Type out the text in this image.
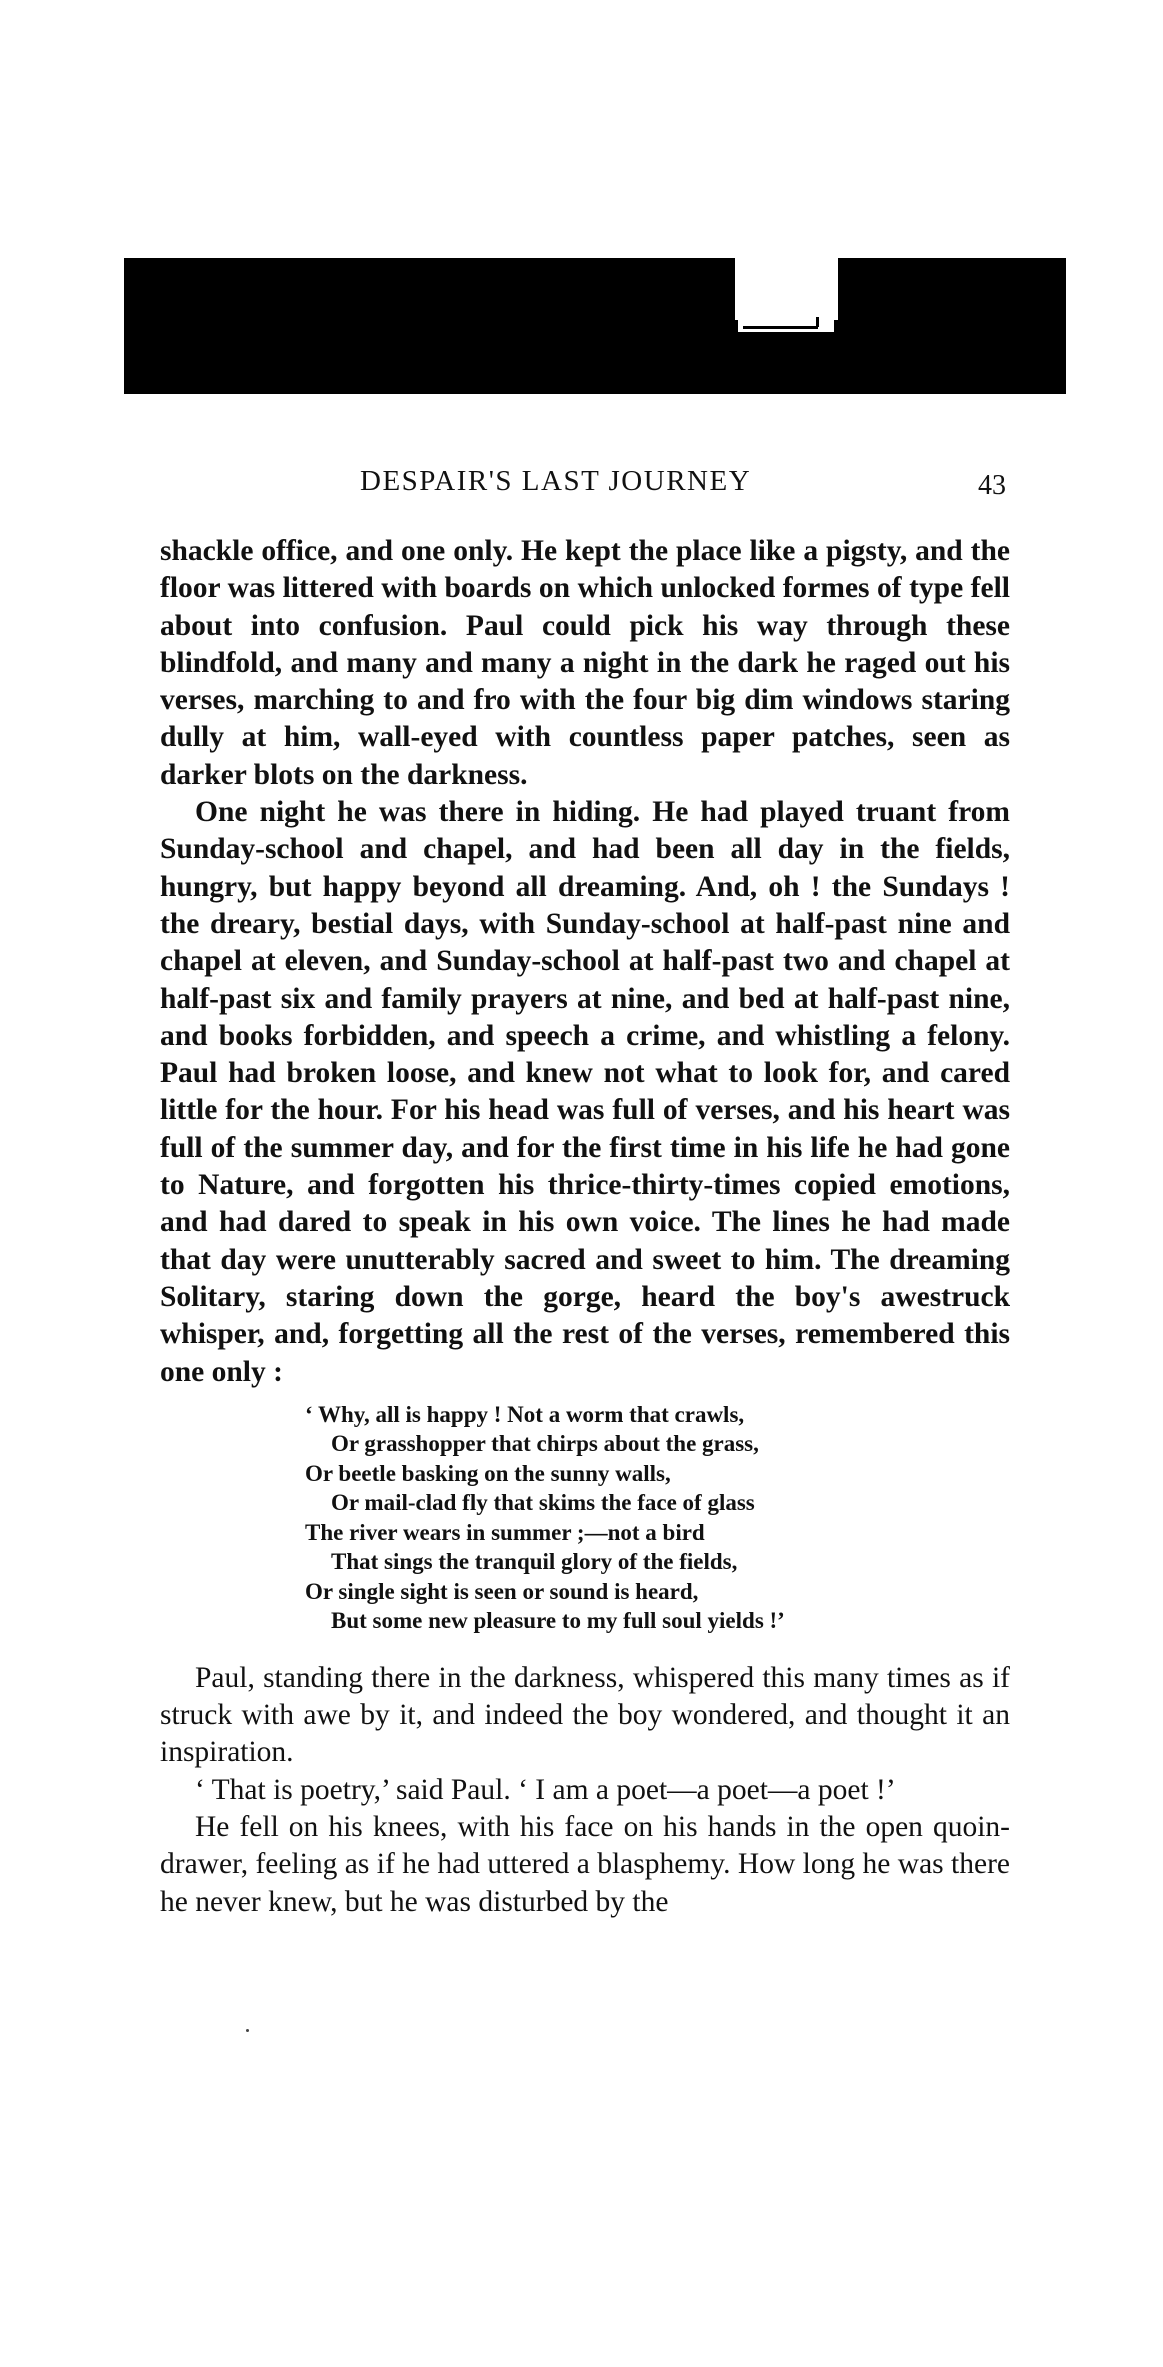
DESPAIR'S LAST JOURNEY	43

shackle office, and one only. He kept the place like a pigsty, and the floor was littered with boards on which unlocked formes of type fell about into confusion. Paul could pick his way through these blindfold, and many and many a night in the dark he raged out his verses, marching to and fro with the four big dim windows staring dully at him, wall-eyed with countless paper patches, seen as darker blots on the darkness.

One night he was there in hiding. He had played truant from Sunday-school and chapel, and had been all day in the fields, hungry, but happy beyond all dreaming. And, oh ! the Sundays ! the dreary, bestial days, with Sunday-school at half-past nine and chapel at eleven, and Sunday-school at half-past two and chapel at half-past six and family prayers at nine, and bed at half-past nine, and books forbidden, and speech a crime, and whistling a felony. Paul had broken loose, and knew not what to look for, and cared little for the hour. For his head was full of verses, and his heart was full of the summer day, and for the first time in his life he had gone to Nature, and forgotten his thrice-thirty-times copied emotions, and had dared to speak in his own voice. The lines he had made that day were unutterably sacred and sweet to him. The dreaming Solitary, staring down the gorge, heard the boy's awestruck whisper, and, forgetting all the rest of the verses, remembered this one only :

‘ Why, all is happy ! Not a worm that crawls,
Or grasshopper that chirps about the grass,
Or beetle basking on the sunny walls,
Or mail-clad fly that skims the face of glass
The river wears in summer ;—not a bird
That sings the tranquil glory of the fields,
Or single sight is seen or sound is heard,
But some new pleasure to my full soul yields !’

Paul, standing there in the darkness, whispered this many times as if struck with awe by it, and indeed the boy wondered, and thought it an inspiration.

‘ That is poetry,’ said Paul. ‘ I am a poet—a poet—a poet !’

He fell on his knees, with his face on his hands in the open quoin-drawer, feeling as if he had uttered a blasphemy. How long he was there he never knew, but he was disturbed by the
